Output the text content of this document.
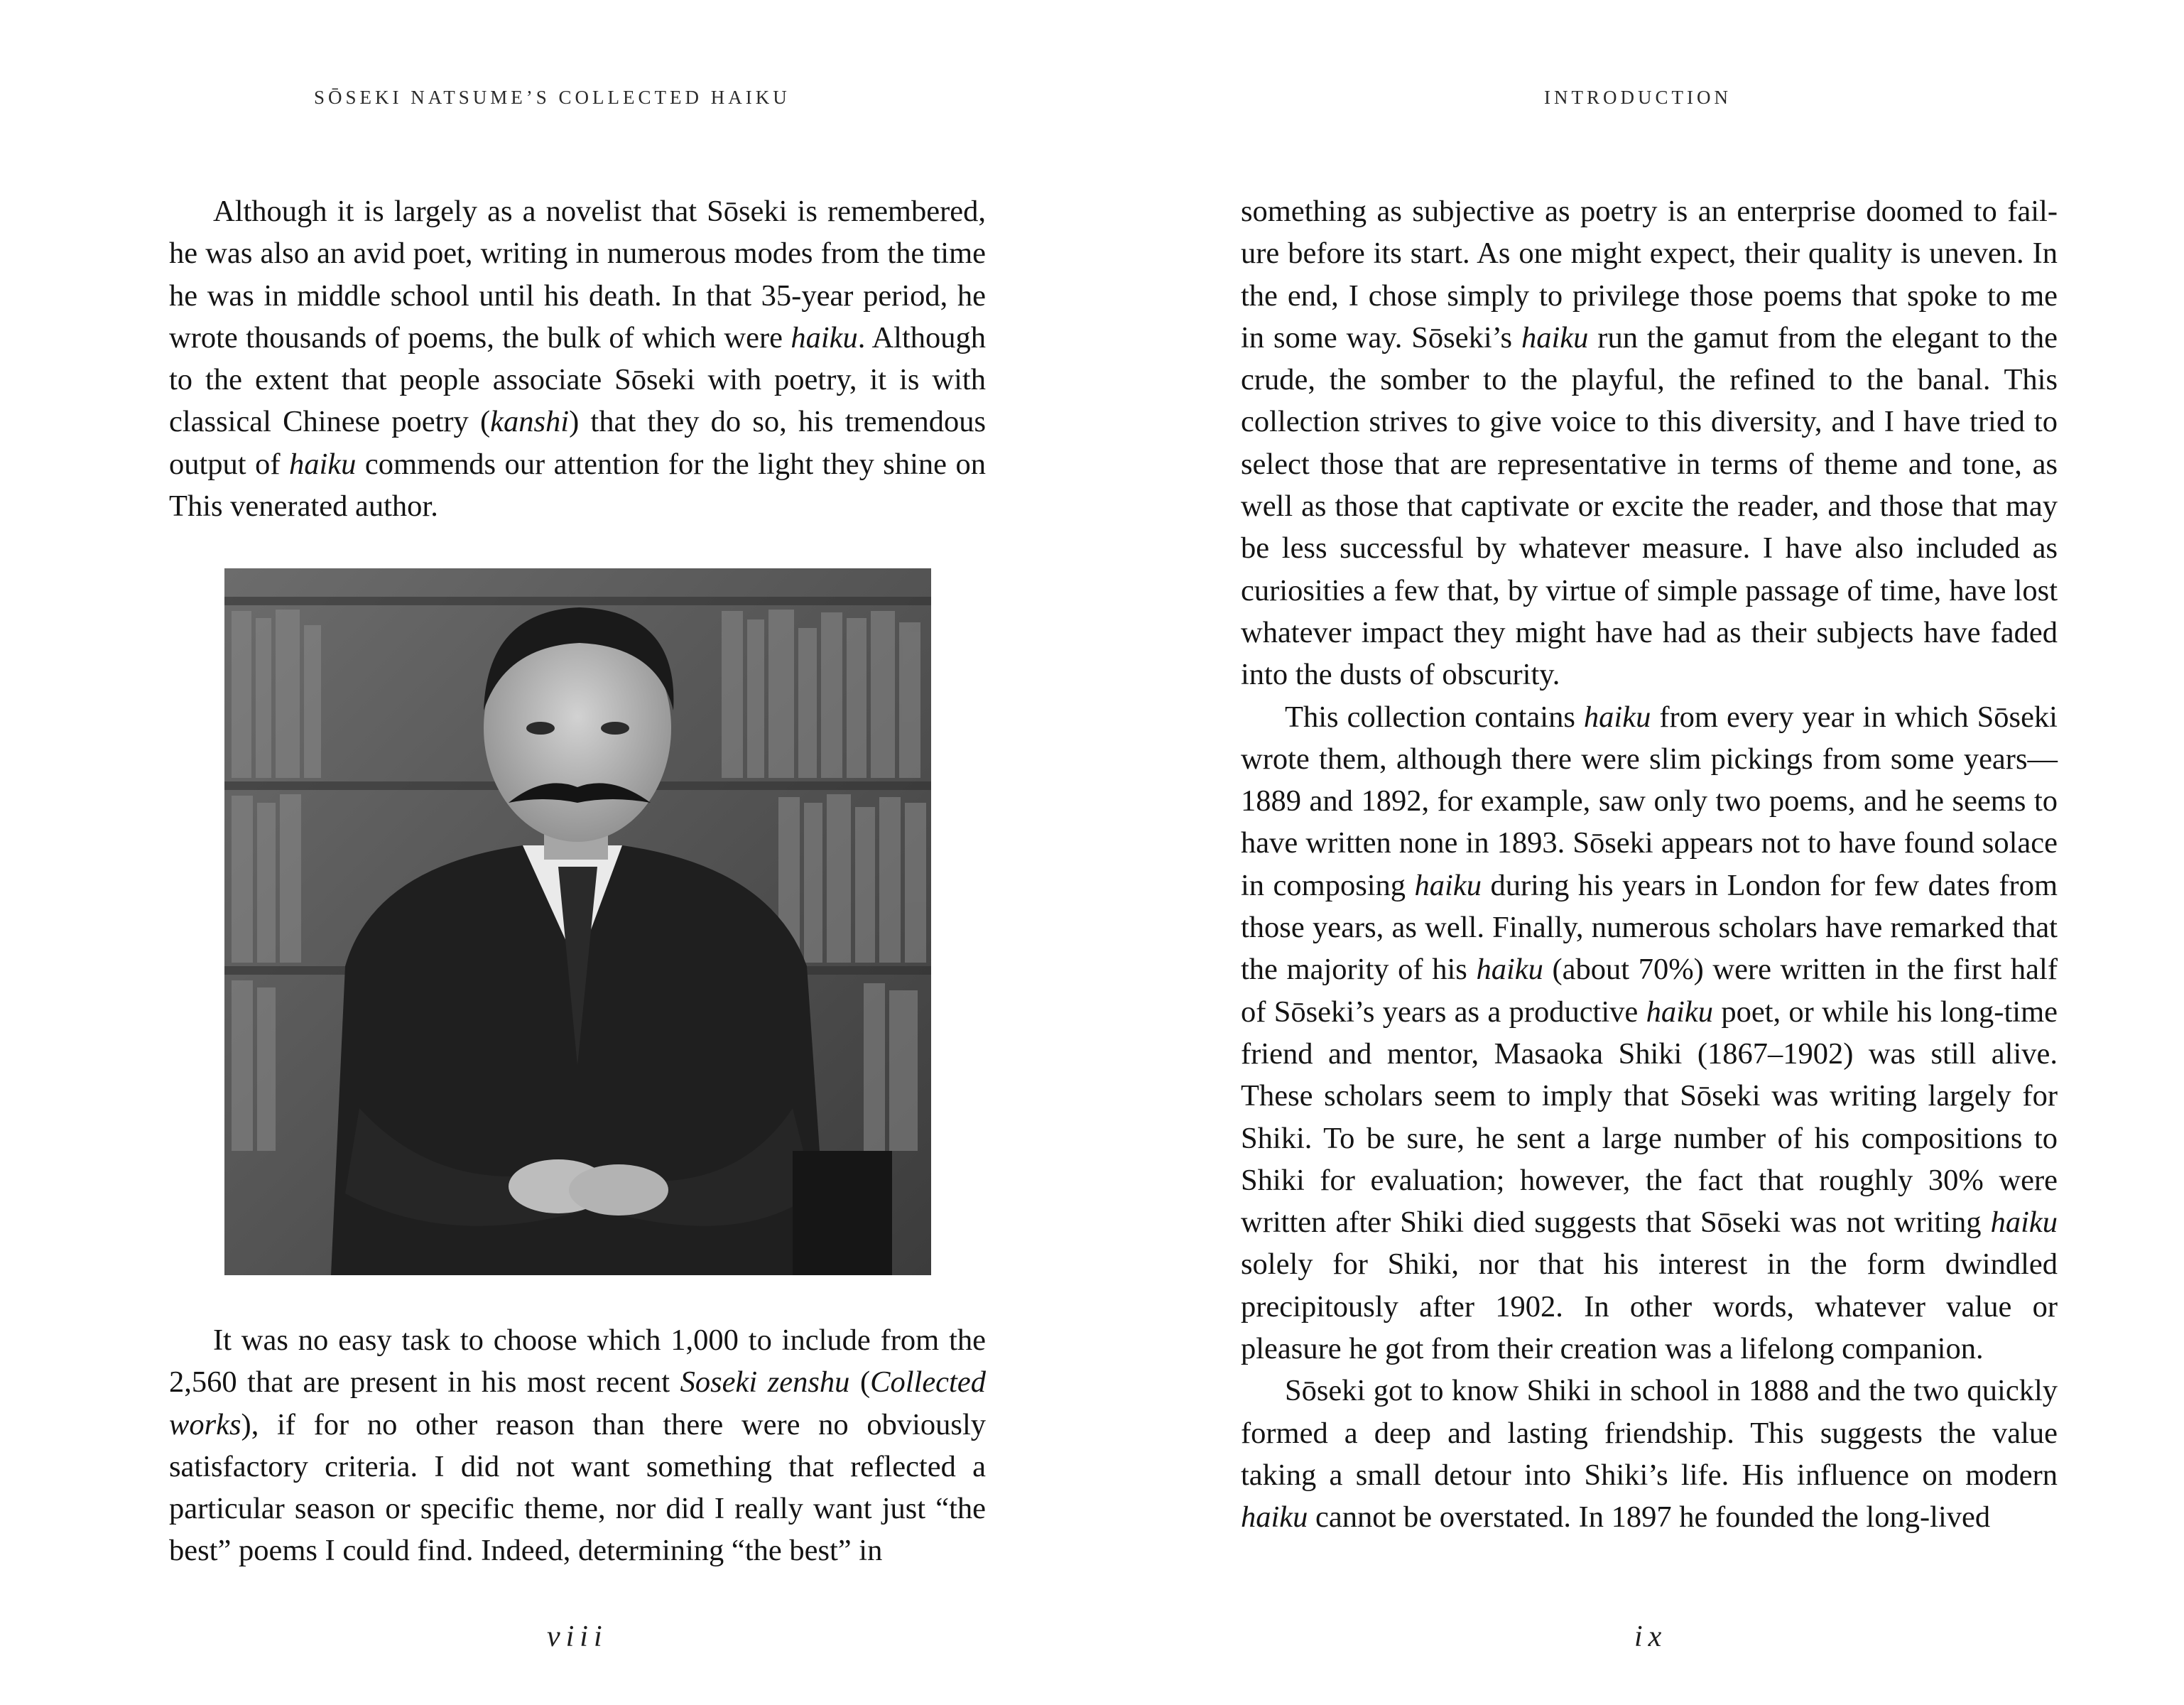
SŌSEKI NATSUME’S COLLECTED HAIKU

Although it is largely as a novelist that Sōseki is remembered, he was also an avid poet, writing in numerous modes from the time he was in middle school until his death. In that 35-year period, he wrote thousands of poems, the bulk of which were haiku. Although to the extent that people associate Sōseki with poetry, it is with classical Chinese poetry (kanshi) that they do so, his tremendous output of haiku commends our attention for the light they shine on This venerated author.

It was no easy task to choose which 1,000 to include from the 2,560 that are present in his most recent Soseki zenshu (Collected works), if for no other reason than there were no obviously satisfactory criteria. I did not want something that reflected a particular season or specific theme, nor did I really want just “the best” poems I could find. Indeed, determining “the best” in

viii
INTRODUCTION

something as subjective as poetry is an enterprise doomed to failure before its start. As one might expect, their quality is uneven. In the end, I chose simply to privilege those poems that spoke to me in some way. Sōseki’s haiku run the gamut from the elegant to the crude, the somber to the playful, the refined to the banal. This collection strives to give voice to this diversity, and I have tried to select those that are representative in terms of theme and tone, as well as those that captivate or excite the reader, and those that may be less successful by whatever measure. I have also included as curiosities a few that, by virtue of simple passage of time, have lost whatever impact they might have had as their subjects have faded into the dusts of obscurity.

This collection contains haiku from every year in which Sōseki wrote them, although there were slim pickings from some years—1889 and 1892, for example, saw only two poems, and he seems to have written none in 1893. Sōseki appears not to have found solace in composing haiku during his years in London for few dates from those years, as well. Finally, numerous scholars have remarked that the majority of his haiku (about 70%) were written in the first half of Sōseki’s years as a productive haiku poet, or while his long-time friend and mentor, Masaoka Shiki (1867–1902) was still alive. These scholars seem to imply that Sōseki was writing largely for Shiki. To be sure, he sent a large number of his compositions to Shiki for evaluation; however, the fact that roughly 30% were written after Shiki died suggests that Sōseki was not writing haiku solely for Shiki, nor that his interest in the form dwindled precipitously after 1902. In other words, whatever value or pleasure he got from their creation was a lifelong companion.

Sōseki got to know Shiki in school in 1888 and the two quickly formed a deep and lasting friendship. This suggests the value taking a small detour into Shiki’s life. His influence on modern haiku cannot be overstated. In 1897 he founded the long-lived

ix
